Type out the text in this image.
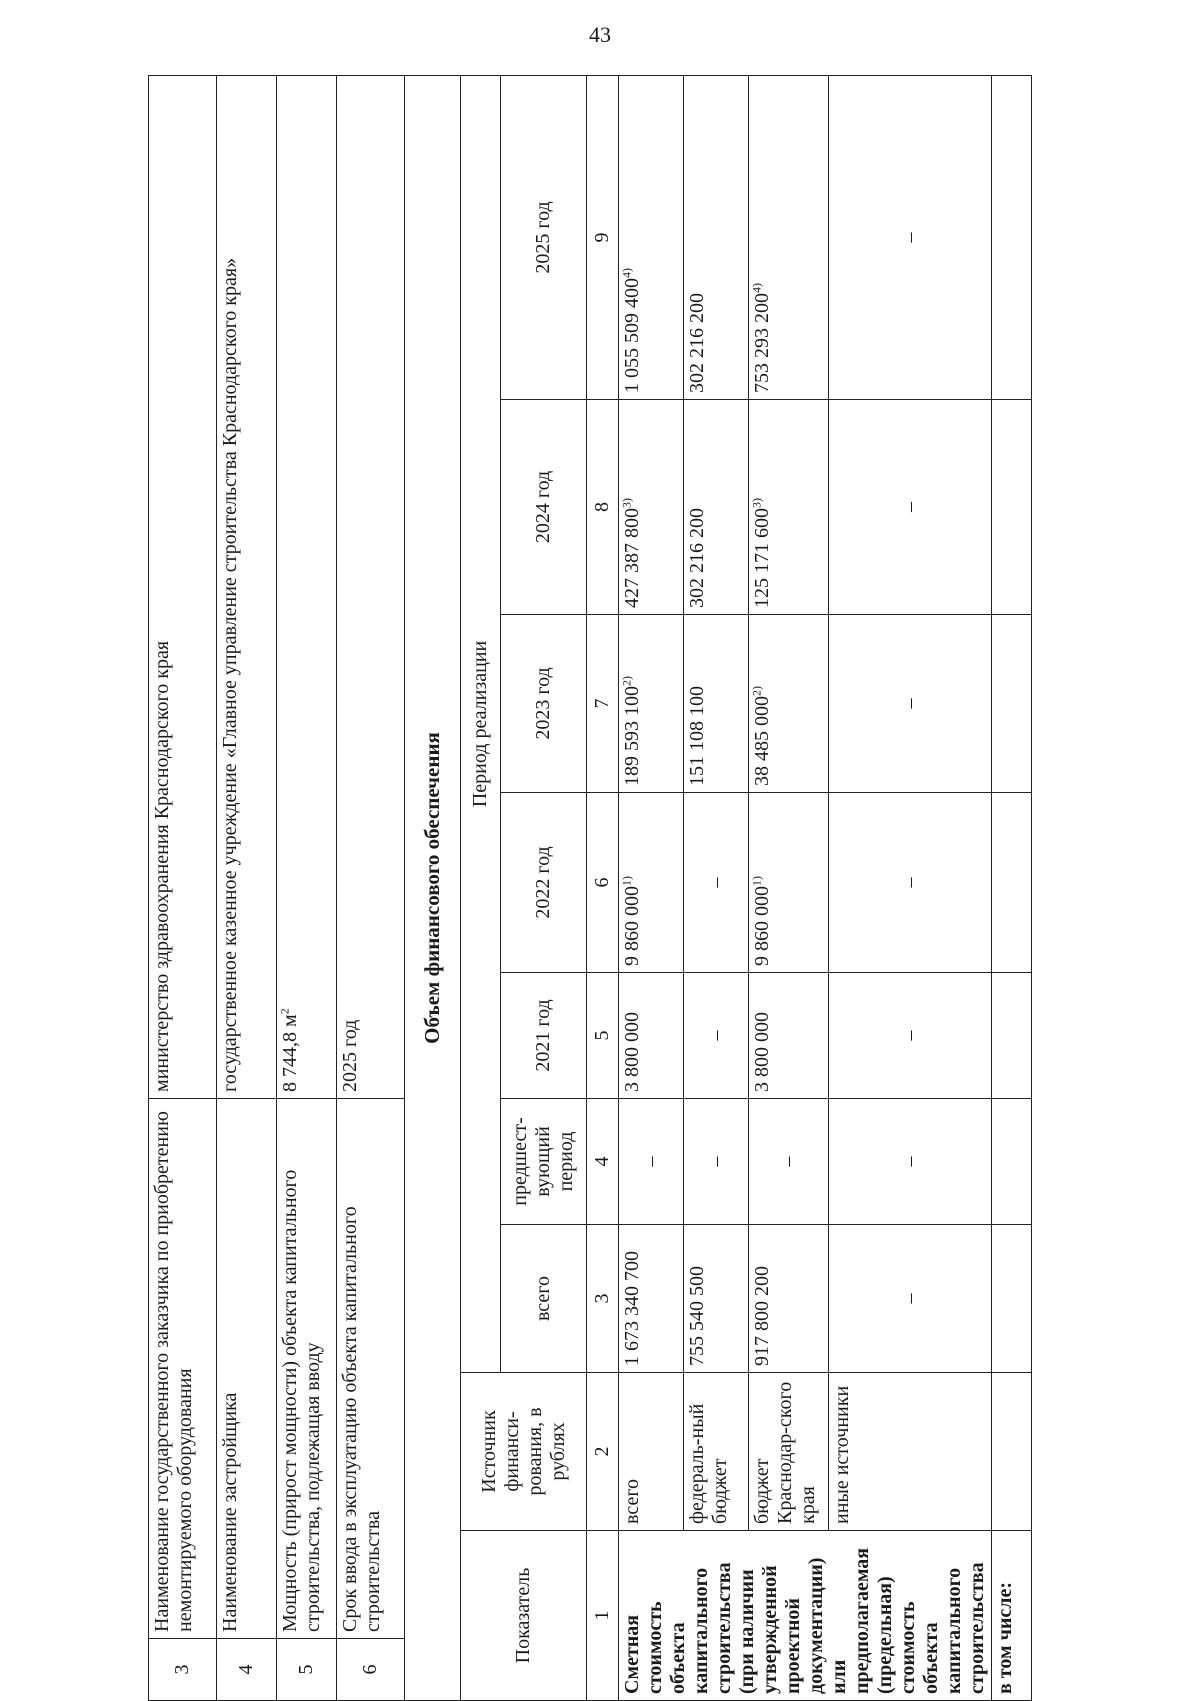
43
3	Наименование государственного заказчика по приобретению немонтируемого оборудования				министерство здравоохранения Краснодарского края				
4	Наименование застройщика				государственное казенное учреждение «Главное управление строительства Краснодарского края»				
5	Мощность (прирост мощности) объекта капитального строительства, подлежащая вводу				8 744,8 $м^2$
6	Срок ввода в эксплуатацию объекта капитального строительства				2025 год				
Объем финансового обеспечения									
Показатель		Источник финанси-рования, в рублях	Период реализации						
			всего	предшест-вующий период	2021 год	2022 год	2023 год	2024 год	2025 год
1		2	3	4	5	6	7	8	9
Сметная стоимость объекта капитального строительства (при наличии утвержденной проектной документации) или предполагаемая (предельная) стоимость объекта капитального строительства		всего	1 673 340 700	–	3 800 000	9 860 000$^{1)}$	189 593 100$^{2)}$	427 387 800$^{3)}$	1 055 509 400$^{4)}$
		федераль-ный бюджет	755 540 500	–	–	–	151 108 100	302 216 200	302 216 200
		бюджет Краснодар-ского края	917 800 200	–	3 800 000	9 860 000$^{1)}$	38 485 000$^{2)}$	125 171 600$^{3)}$	753 293 200$^{4)}$
		иные источники	–	–	–	–	–	–	–
в том числе:									
